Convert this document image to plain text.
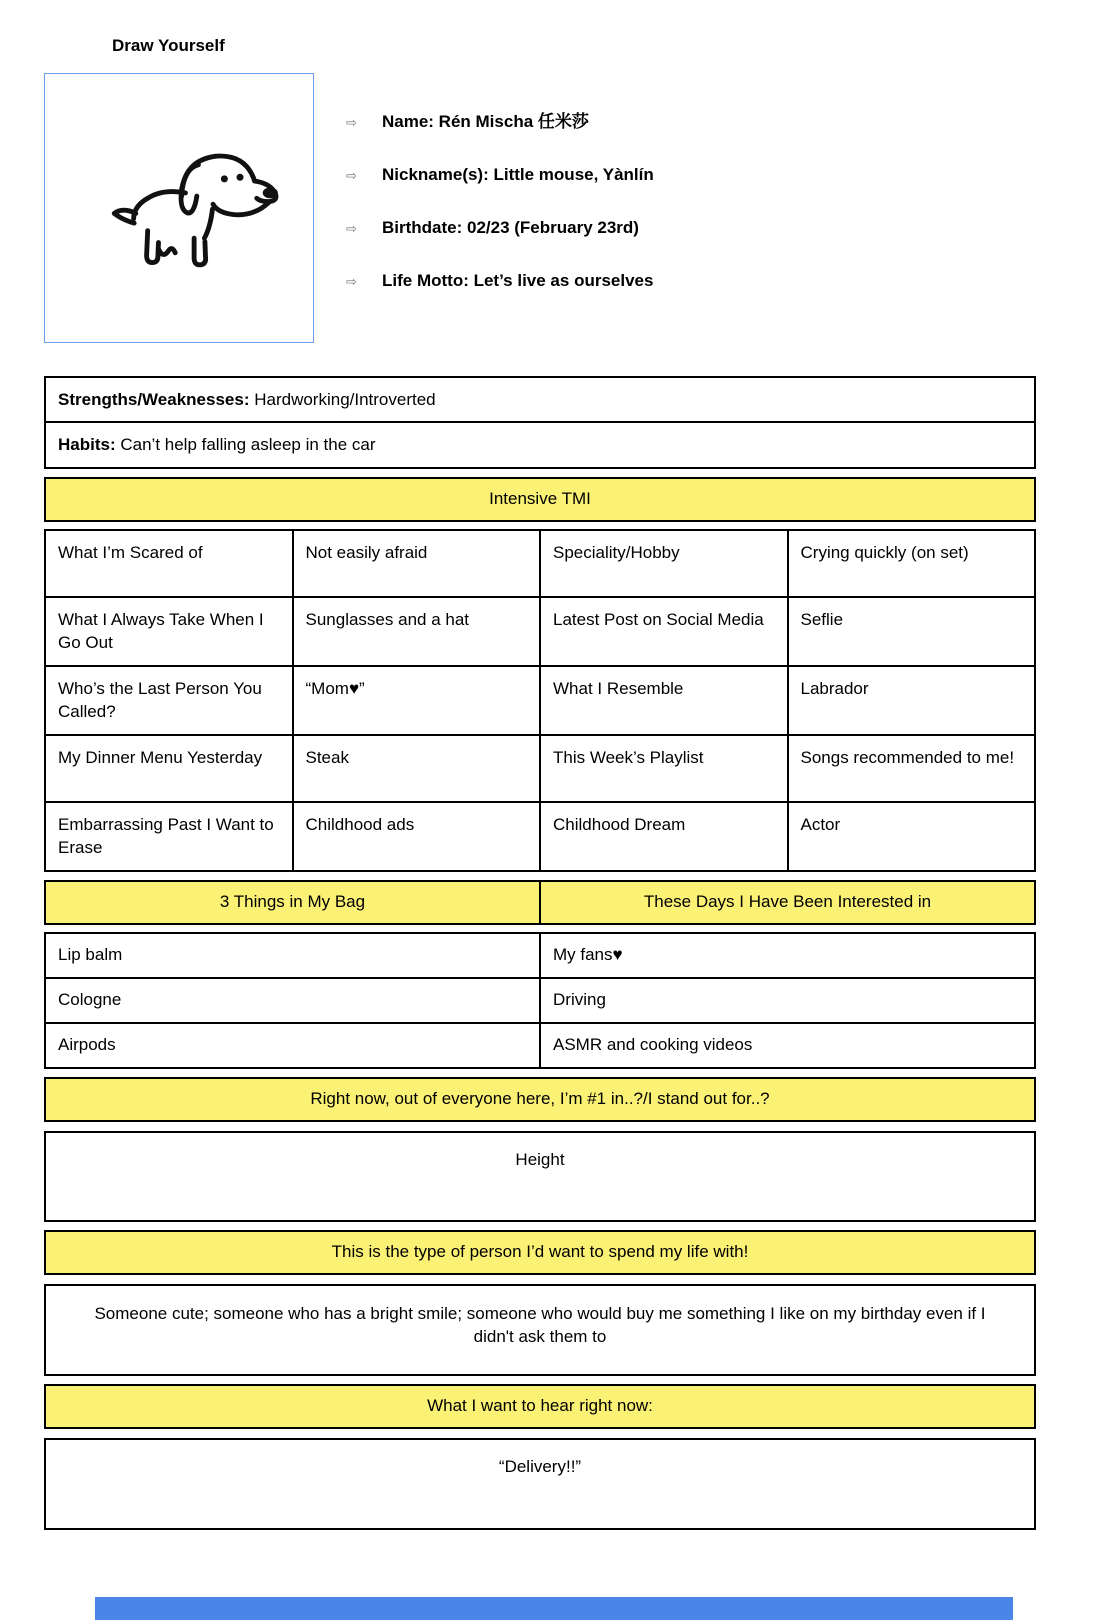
Draw Yourself
⇨	Name: Rén Mischa 任米莎
⇨	Nickname(s): Little mouse, Yànlín
⇨	Birthdate: 02/23 (February 23rd)
⇨	Life Motto: Let’s live as ourselves
Strengths/Weaknesses: Hardworking/Introverted
Habits: Can’t help falling asleep in the car
Intensive TMI
What I’m Scared of	Not easily afraid	Speciality/Hobby	Crying quickly (on set)
What I Always Take When I Go Out	Sunglasses and a hat	Latest Post on Social Media	Seflie
Who’s the Last Person You Called?	“Mom♥”	What I Resemble	Labrador
My Dinner Menu Yesterday	Steak	This Week’s Playlist	Songs recommended to me!
Embarrassing Past I Want to Erase	Childhood ads	Childhood Dream	Actor
3 Things in My Bag	These Days I Have Been Interested in
Lip balm	My fans♥
Cologne	Driving
Airpods	ASMR and cooking videos
Right now, out of everyone here, I’m #1 in..?/I stand out for..?
Height
This is the type of person I’d want to spend my life with!
Someone cute; someone who has a bright smile; someone who would buy me something I like on my birthday even if I didn't ask them to
What I want to hear right now:
“Delivery!!”
